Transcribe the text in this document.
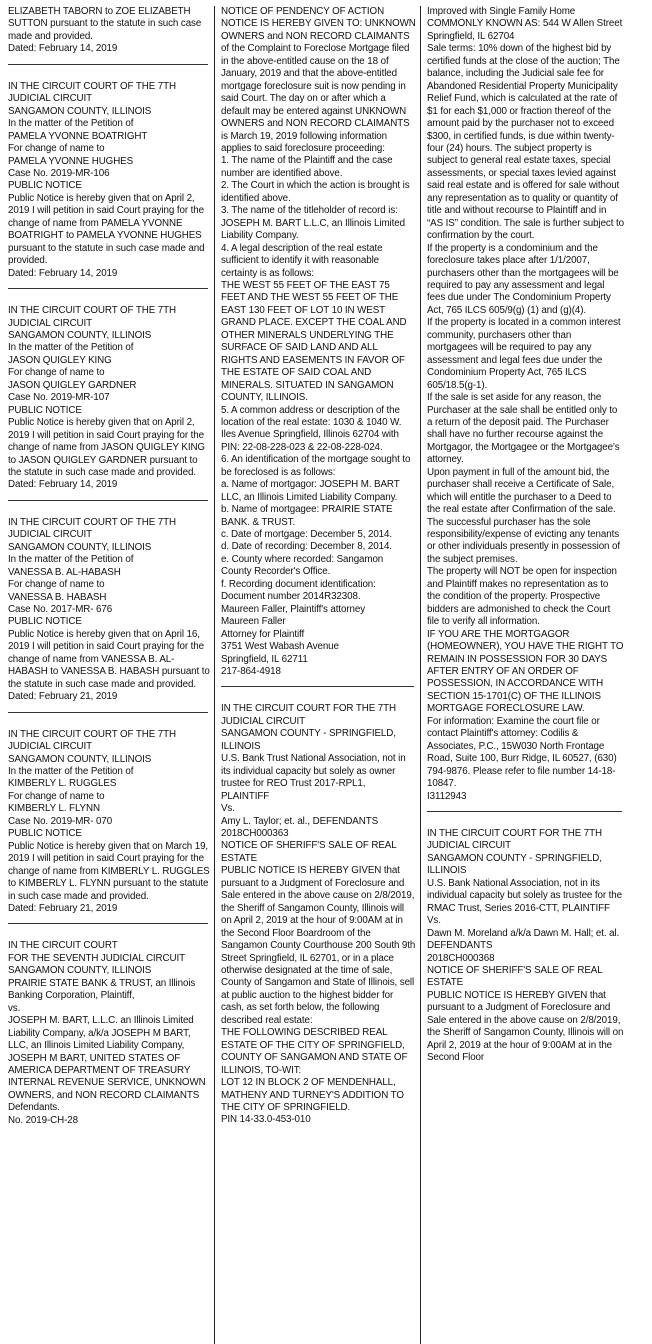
ELIZABETH TABORN to ZOE ELIZABETH SUTTON pursuant to the statute in such case made and provided.

Dated: February 14, 2019

IN THE CIRCUIT COURT OF THE 7TH JUDICIAL CIRCUIT

SANGAMON COUNTY, ILLINOIS

In the matter of the Petition of

PAMELA YVONNE BOATRIGHT

For change of name to

PAMELA YVONNE HUGHES

Case No. 2019-MR-106

PUBLIC NOTICE

Public Notice is hereby given that on April 2, 2019 I will petition in said Court praying for the change of name from PAMELA YVONNE BOATRIGHT to PAMELA YVONNE HUGHES pursuant to the statute in such case made and provided.

Dated: February 14, 2019

IN THE CIRCUIT COURT OF THE 7TH JUDICIAL CIRCUIT

SANGAMON COUNTY, ILLINOIS

In the matter of the Petition of

JASON QUIGLEY KING

For change of name to

JASON QUIGLEY GARDNER

Case No. 2019-MR-107

PUBLIC NOTICE

Public Notice is hereby given that on April 2, 2019 I will petition in said Court praying for the change of name from JASON QUIGLEY KING to JASON QUIGLEY GARDNER pursuant to the statute in such case made and provided.

Dated: February 14, 2019

IN THE CIRCUIT COURT OF THE 7TH JUDICIAL CIRCUIT

SANGAMON COUNTY, ILLINOIS

In the matter of the Petition of

VANESSA B. AL-HABASH

For change of name to

VANESSA B. HABASH

Case No. 2017-MR- 676

PUBLIC NOTICE

Public Notice is hereby given that on April 16, 2019 I will petition in said Court praying for the change of name from VANESSA B. AL-HABASH to VANESSA B. HABASH pursuant to the statute in such case made and provided.

Dated: February 21, 2019

IN THE CIRCUIT COURT OF THE 7TH JUDICIAL CIRCUIT

SANGAMON COUNTY, ILLINOIS

In the matter of the Petition of

KIMBERLY L. RUGGLES

For change of name to

KIMBERLY L. FLYNN

Case No. 2019-MR- 070

PUBLIC NOTICE

Public Notice is hereby given that on March 19, 2019 I will petition in said Court praying for the change of name from KIMBERLY L. RUGGLES to KIMBERLY L. FLYNN pursuant to the statute in such case made and provided.

Dated: February 21, 2019

IN THE CIRCUIT COURT

FOR THE SEVENTH JUDICIAL CIRCUIT

SANGAMON COUNTY, ILLINOIS

PRAIRIE STATE BANK & TRUST, an Illinois Banking Corporation, Plaintiff,

vs.

JOSEPH M. BART, L.L.C. an Illinois Limited Liability Company, a/k/a JOSEPH M BART, LLC, an Illinois Limited Liability Company, JOSEPH M BART, UNITED STATES OF AMERICA DEPARTMENT OF TREASURY INTERNAL REVENUE SERVICE, UNKNOWN OWNERS, and NON RECORD CLAIMANTS

Defendants.

No. 2019-CH-28

NOTICE OF PENDENCY OF ACTION

NOTICE IS HEREBY GIVEN TO: UNKNOWN OWNERS and NON RECORD CLAIMANTS of the Complaint to Foreclose Mortgage filed in the above-entitled cause on the 18 of January, 2019 and that the above-entitled mortgage foreclosure suit is now pending in said Court. The day on or after which a default may be entered against UNKNOWN OWNERS and NON RECORD CLAIMANTS is March 19, 2019 following information applies to said foreclosure proceeding:

1. The name of the Plaintiff and the case number are identified above.

2. The Court in which the action is brought is identified above.

3. The name of the titleholder of record is: JOSEPH M. BART L.L.C, an Illinois Limited Liability Company.

4. A legal description of the real estate sufficient to identify it with reasonable certainty is as follows:

THE WEST 55 FEET OF THE EAST 75 FEET AND THE WEST 55 FEET OF THE EAST 130 FEET OF LOT 10 IN WEST GRAND PLACE. EXCEPT THE COAL AND OTHER MINERALS UNDERLYING THE SURFACE OF SAID LAND AND ALL RIGHTS AND EASEMENTS IN FAVOR OF THE ESTATE OF SAID COAL AND MINERALS. SITUATED IN SANGAMON COUNTY, ILLINOIS.

5. A common address or description of the location of the real estate: 1030 & 1040 W. Iles Avenue Springfield, Illinois 62704 with PIN: 22-08-228-023 & 22-08-228-024.

6. An identification of the mortgage sought to be foreclosed is as follows:

a. Name of mortgagor: JOSEPH M. BART LLC, an Illinois Limited Liability Company.

b. Name of mortgagee: PRAIRIE STATE BANK. & TRUST.

c. Date of mortgage: December 5, 2014.

d. Date of recording: December 8, 2014.

e. County where recorded: Sangamon County Recorder's Office.

f. Recording document identification: Document number 2014R32308.

Maureen Faller, Plaintiff's attorney

Maureen Faller

Attorney for Plaintiff

3751 West Wabash Avenue

Springfield, IL 62711

217-864-4918

IN THE CIRCUIT COURT FOR THE 7TH JUDICIAL CIRCUIT

SANGAMON COUNTY - SPRINGFIELD, ILLINOIS

U.S. Bank Trust National Association, not in its individual capacity but solely as owner trustee for REO Trust 2017-RPL1, PLAINTIFF

Vs.

Amy L. Taylor; et. al., DEFENDANTS

2018CH000363

NOTICE OF SHERIFF'S SALE OF REAL ESTATE

PUBLIC NOTICE IS HEREBY GIVEN that pursuant to a Judgment of Foreclosure and Sale entered in the above cause on 2/8/2019, the Sheriff of Sangamon County, Illinois will on April 2, 2019 at the hour of 9:00AM at in the Second Floor Boardroom of the Sangamon County Courthouse 200 South 9th Street Springfield, IL 62701, or in a place otherwise designated at the time of sale, County of Sangamon and State of Illinois, sell at public auction to the highest bidder for cash, as set forth below, the following described real estate:

THE FOLLOWING DESCRIBED REAL ESTATE OF THE CITY OF SPRINGFIELD, COUNTY OF SANGAMON AND STATE OF ILLINOIS, TO-WIT:

LOT 12 IN BLOCK 2 OF MENDENHALL, MATHENY AND TURNEY'S ADDITION TO THE CITY OF SPRINGFIELD.

PIN 14-33.0-453-010

Improved with Single Family Home

COMMONLY KNOWN AS: 544 W Allen Street Springfield, IL 62704

Sale terms: 10% down of the highest bid by certified funds at the close of the auction; The balance, including the Judicial sale fee for Abandoned Residential Property Municipality Relief Fund, which is calculated at the rate of $1 for each $1,000 or fraction thereof of the amount paid by the purchaser not to exceed $300, in certified funds, is due within twenty-four (24) hours. The subject property is subject to general real estate taxes, special assessments, or special taxes levied against said real estate and is offered for sale without any representation as to quality or quantity of title and without recourse to Plaintiff and in “AS IS” condition. The sale is further subject to confirmation by the court.

If the property is a condominium and the foreclosure takes place after 1/1/2007, purchasers other than the mortgagees will be required to pay any assessment and legal fees due under The Condominium Property Act, 765 ILCS 605/9(g) (1) and (g)(4).

If the property is located in a common interest community, purchasers other than mortgagees will be required to pay any assessment and legal fees due under the Condominium Property Act, 765 ILCS 605/18.5(g-1).

If the sale is set aside for any reason, the Purchaser at the sale shall be entitled only to a return of the deposit paid. The Purchaser shall have no further recourse against the Mortgagor, the Mortgagee or the Mortgagee's attorney.

Upon payment in full of the amount bid, the purchaser shall receive a Certificate of Sale, which will entitle the purchaser to a Deed to the real estate after Confirmation of the sale. The successful purchaser has the sole responsibility/expense of evicting any tenants or other individuals presently in possession of the subject premises.

The property will NOT be open for inspection and Plaintiff makes no representation as to the condition of the property. Prospective bidders are admonished to check the Court file to verify all information.

IF YOU ARE THE MORTGAGOR (HOMEOWNER), YOU HAVE THE RIGHT TO REMAIN IN POSSESSION FOR 30 DAYS AFTER ENTRY OF AN ORDER OF POSSESSION, IN ACCORDANCE WITH SECTION 15-1701(C) OF THE ILLINOIS MORTGAGE FORECLOSURE LAW.

For information: Examine the court file or contact Plaintiff's attorney: Codilis & Associates, P.C., 15W030 North Frontage Road, Suite 100, Burr Ridge, IL 60527, (630) 794-9876. Please refer to file number 14-18-10847.

I3112943

IN THE CIRCUIT COURT FOR THE 7TH JUDICIAL CIRCUIT

SANGAMON COUNTY - SPRINGFIELD, ILLINOIS

U.S. Bank National Association, not in its individual capacity but solely as trustee for the RMAC Trust, Series 2016-CTT, PLAINTIFF

Vs.

Dawn M. Moreland a/k/a Dawn M. Hall; et. al.

DEFENDANTS

2018CH000368

NOTICE OF SHERIFF'S SALE OF REAL ESTATE

PUBLIC NOTICE IS HEREBY GIVEN that pursuant to a Judgment of Foreclosure and Sale entered in the above cause on 2/8/2019, the Sheriff of Sangamon County, Illinois will on April 2, 2019 at the hour of 9:00AM at in the Second Floor
